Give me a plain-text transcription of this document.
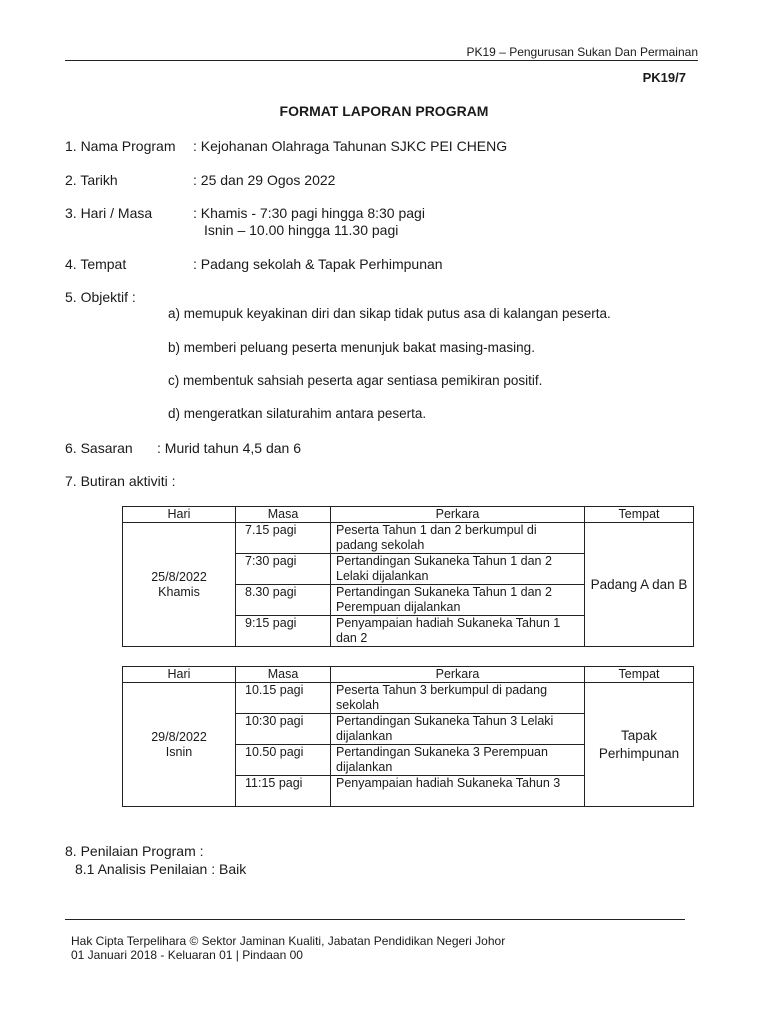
PK19 – Pengurusan Sukan Dan Permainan
PK19/7
FORMAT LAPORAN PROGRAM
1. Nama Program : Kejohanan Olahraga Tahunan SJKC PEI CHENG
2. Tarikh	: 25 dan 29 Ogos 2022
3. Hari / Masa	: Khamis - 7:30 pagi hingga 8:30 pagi
Isnin – 10.00 hingga 11.30 pagi
4. Tempat	: Padang sekolah & Tapak Perhimpunan
5. Objektif :
a) memupuk keyakinan diri dan sikap tidak putus asa di kalangan peserta.
b) memberi peluang peserta menunjuk bakat masing-masing.
c) membentuk sahsiah peserta agar sentiasa pemikiran positif.
d) mengeratkan silaturahim antara peserta.
6. Sasaran : Murid tahun 4,5 dan 6
7. Butiran aktiviti :
Hari	Masa	Perkara	Tempat

25/8/2022
Khamis	7.15 pagi	Peserta Tahun 1 dan 2 berkumpul di padang sekolah	Padang A dan B
	7:30 pagi	Pertandingan Sukaneka Tahun 1 dan 2 Lelaki dijalankan	
	8.30 pagi	Pertandingan Sukaneka Tahun 1 dan 2 Perempuan dijalankan	
	9:15 pagi	Penyampaian hadiah Sukaneka Tahun 1 dan 2	
Hari	Masa	Perkara	Tempat

29/8/2022
Isnin	10.15 pagi	Peserta Tahun 3 berkumpul di padang sekolah	Tapak Perhimpunan
	10:30 pagi	Pertandingan Sukaneka Tahun 3 Lelaki dijalankan	
	10.50 pagi	Pertandingan Sukaneka 3 Perempuan dijalankan	
	11:15 pagi	Penyampaian hadiah Sukaneka Tahun 3	
8. Penilaian Program :
8.1 Analisis Penilaian : Baik
Hak Cipta Terpelihara © Sektor Jaminan Kualiti, Jabatan Pendidikan Negeri Johor
01 Januari 2018 - Keluaran 01 | Pindaan 00
